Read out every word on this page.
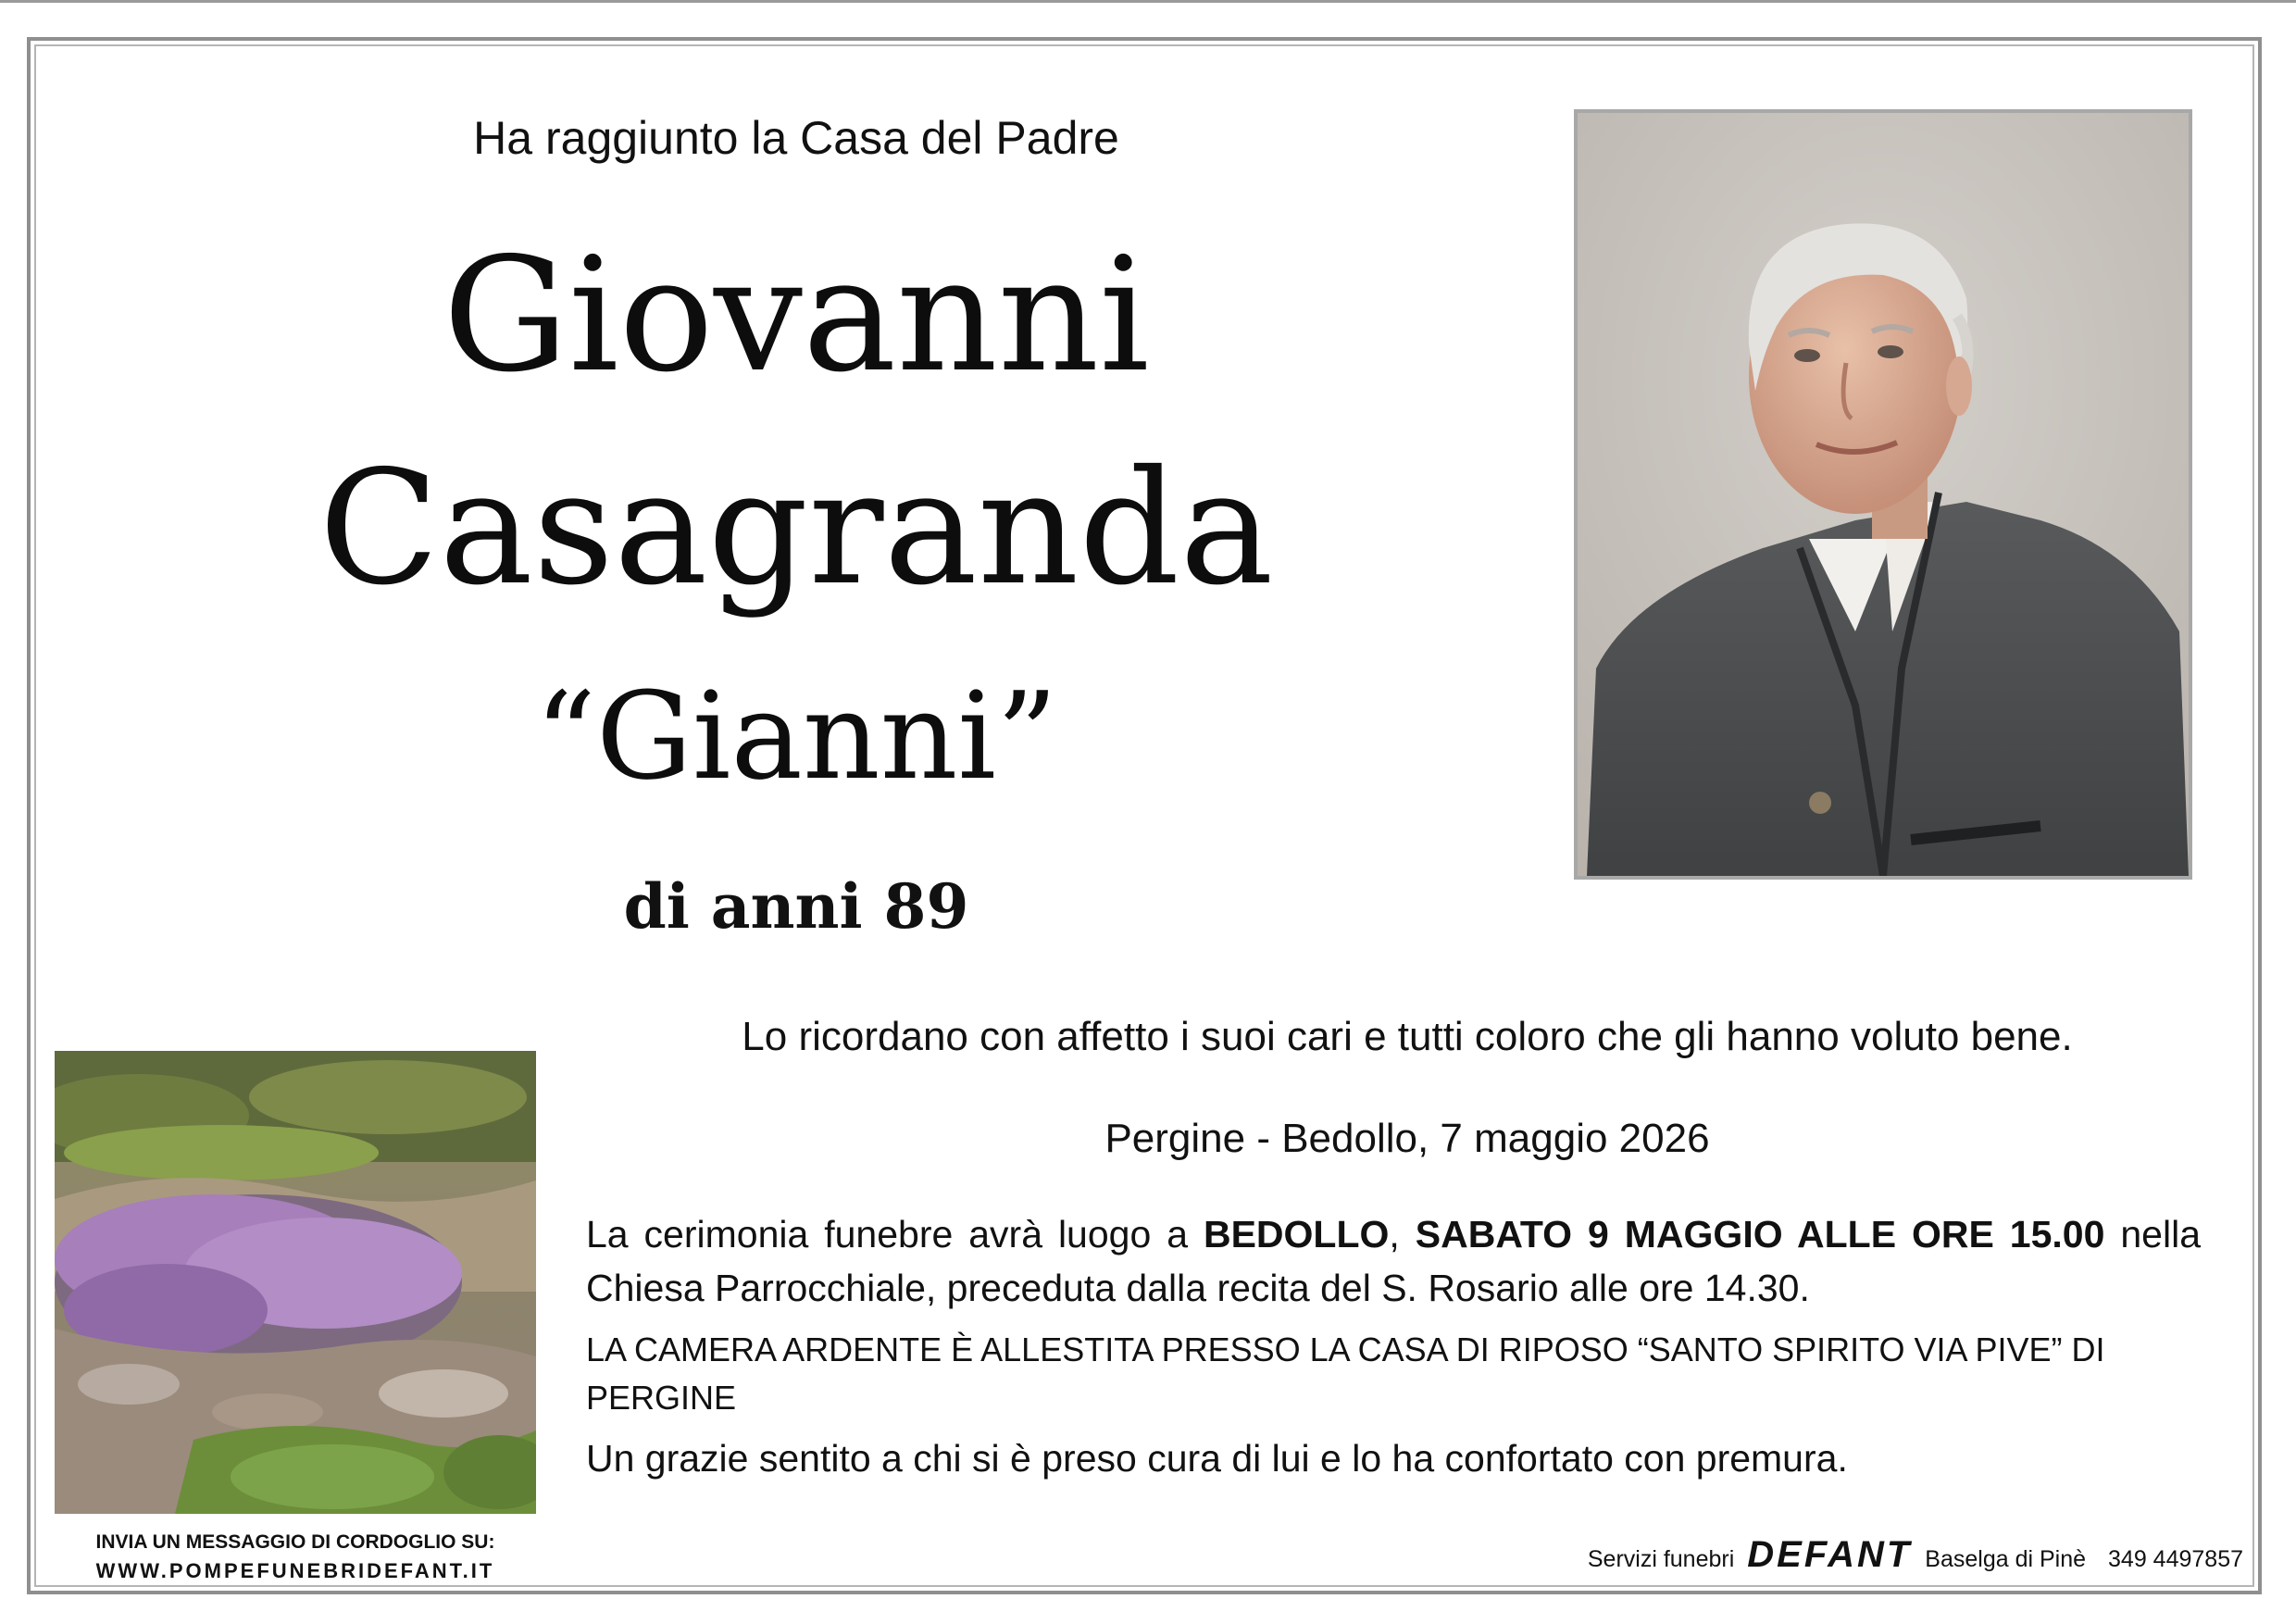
Ha raggiunto la Casa del Padre
Giovanni
Casagranda
“Gianni”
di anni 89
Lo ricordano con affetto i suoi cari e tutti coloro che gli hanno voluto bene.
Pergine - Bedollo, 7 maggio 2026
La cerimonia funebre avrà luogo a BEDOLLO, SABATO 9 MAGGIO ALLE ORE 15.00 nella Chiesa Parrocchiale, preceduta dalla recita del S. Rosario alle ore 14.30.
LA CAMERA ARDENTE È ALLESTITA PRESSO LA CASA DI RIPOSO “SANTO SPIRITO VIA PIVE” DI PERGINE
Un grazie sentito a chi si è preso cura di lui e lo ha confortato con premura.
INVIA UN MESSAGGIO DI CORDOGLIO SU:
WWW.POMPEFUNEBRIDEFANT.IT	Servizi funebri DEFANT Baselga di Pinè 349 4497857
